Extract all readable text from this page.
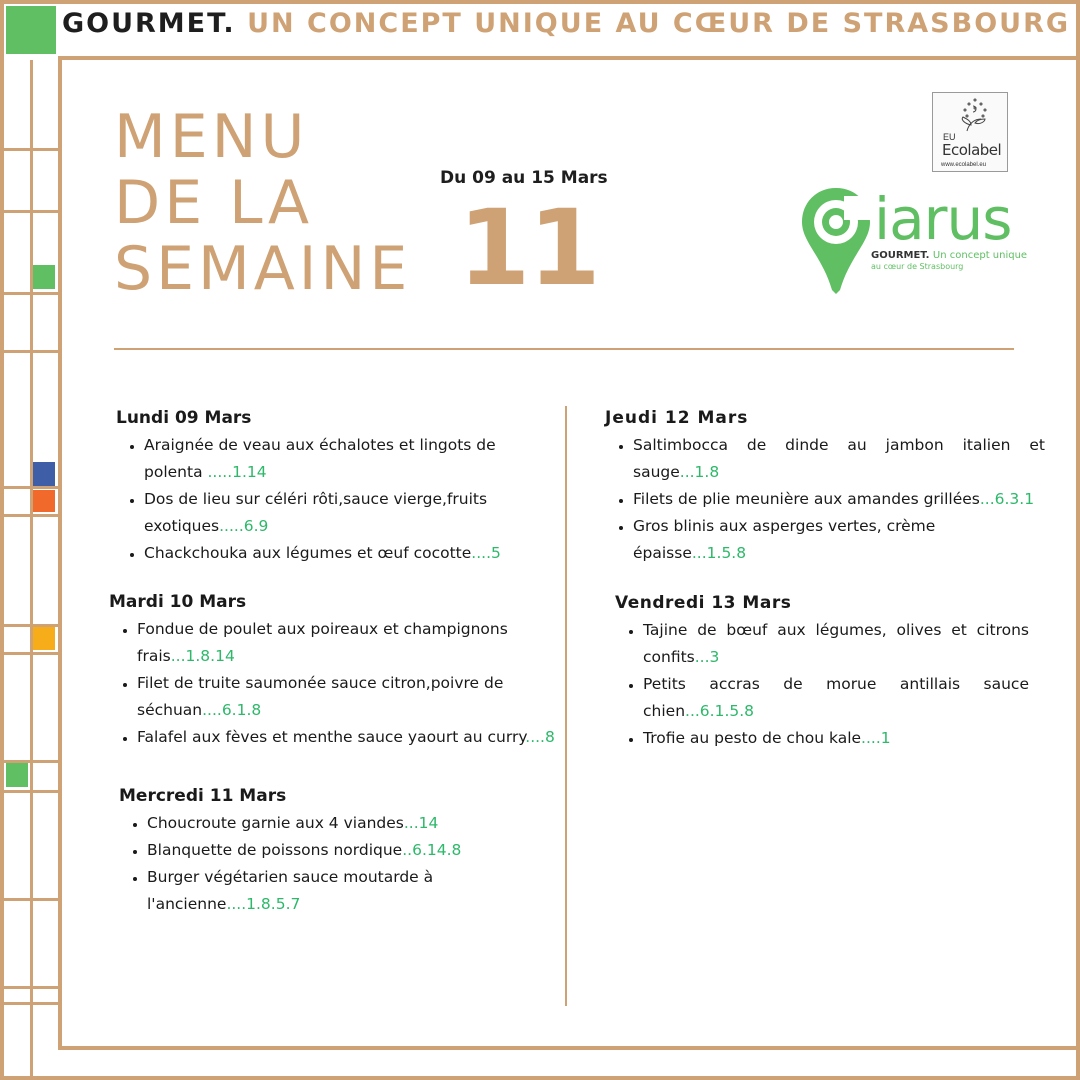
GOURMET. UN CONCEPT UNIQUE AU CŒUR DE STRASBOURG
MENU
DE LA
SEMAINE
Du 09 au 15 Mars
11
EU
Ecolabel
www.ecolabel.eu
iarus
GOURMET. Un concept unique
au cœur de Strasbourg
Lundi 09 Mars
• Araignée de veau aux échalotes et lingots de polenta .....1.14
• Dos de lieu sur céléri rôti,sauce vierge,fruits exotiques.....6.9
• Chackchouka aux légumes et œuf cocotte....5
Mardi 10 Mars
• Fondue de poulet aux poireaux et champignons frais...1.8.14
• Filet de truite saumonée sauce citron,poivre de séchuan....6.1.8
• Falafel aux fèves et menthe sauce yaourt au curry....8
Mercredi 11 Mars
• Choucroute garnie aux 4 viandes...14
• Blanquette de poissons nordique..6.14.8
• Burger végétarien sauce moutarde à l'ancienne....1.8.5.7
Jeudi 12 Mars
• Saltimbocca de dinde au jambon italien et sauge...1.8
• Filets de plie meunière aux amandes grillées...6.3.1
• Gros blinis aux asperges vertes, crème épaisse...1.5.8
Vendredi 13 Mars
• Tajine de bœuf aux légumes, olives et citrons confits...3
• Petits accras de morue antillais sauce chien...6.1.5.8
• Trofie au pesto de chou kale....1
